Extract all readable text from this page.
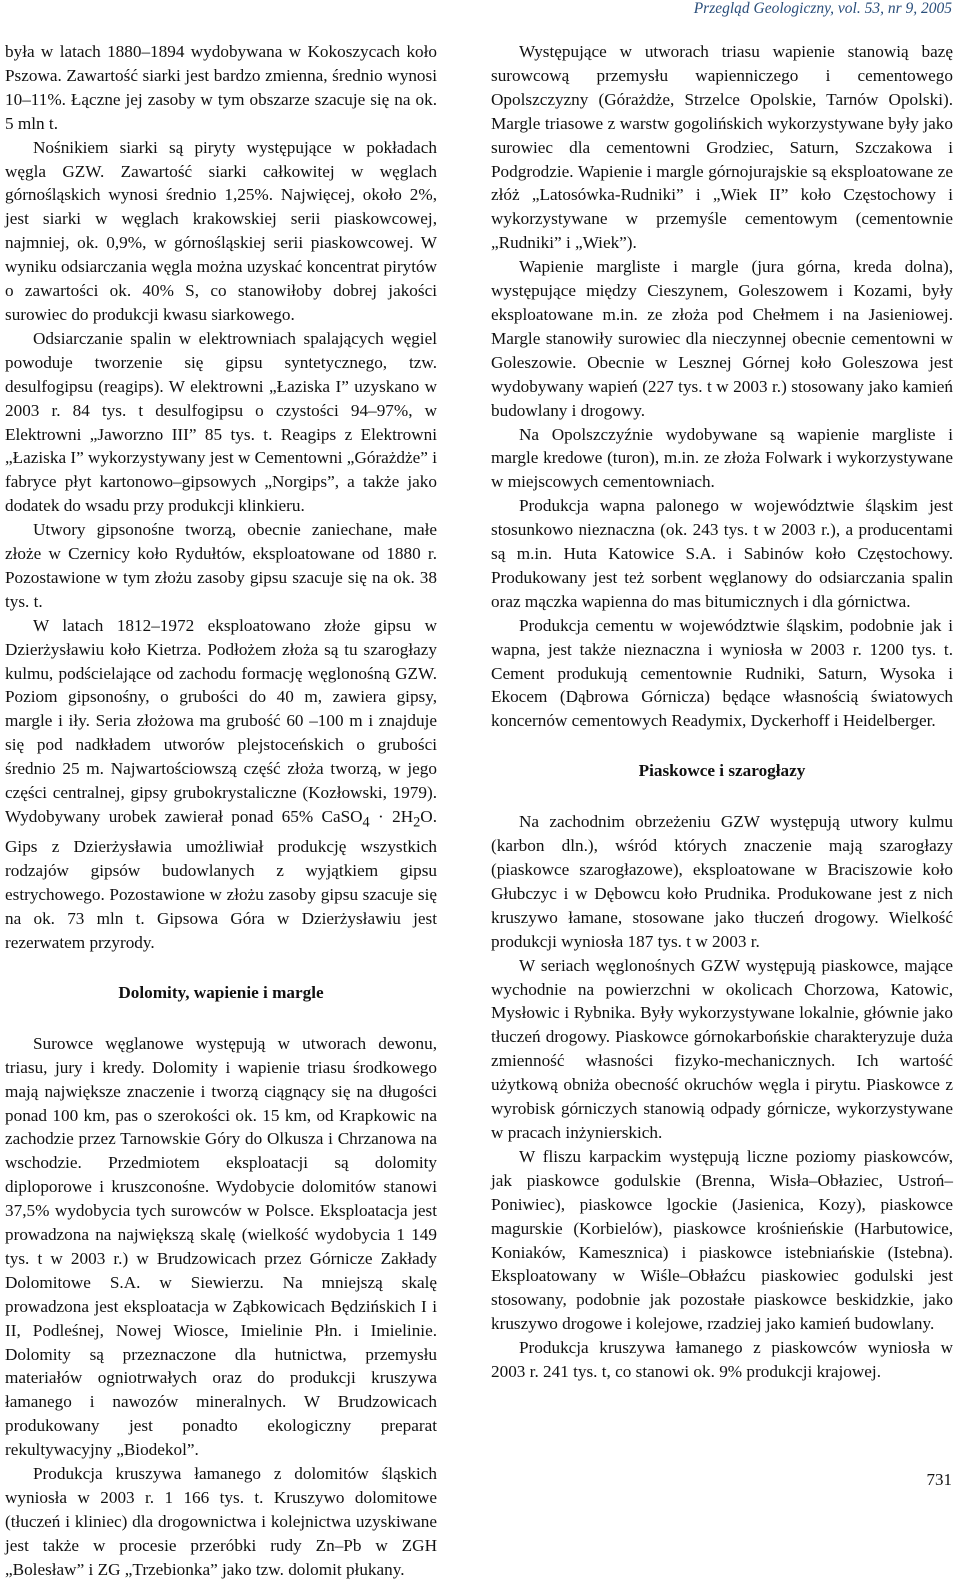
Przegląd Geologiczny, vol. 53, nr 9, 2005

była w latach 1880–1894 wydobywana w Kokoszycach koło Pszowa. Zawartość siarki jest bardzo zmienna, średnio wynosi 10–11%. Łączne jej zasoby w tym obszarze szacuje się na ok. 5 mln t.

Nośnikiem siarki są piryty występujące w pokładach węgla GZW. Zawartość siarki całkowitej w węglach górnośląskich wynosi średnio 1,25%. Najwięcej, około 2%, jest siarki w węglach krakowskiej serii piaskowcowej, najmniej, ok. 0,9%, w górnośląskiej serii piaskowcowej. W wyniku odsiarczania węgla można uzyskać koncentrat pirytów o zawartości ok. 40% S, co stanowiłoby dobrej jakości surowiec do produkcji kwasu siarkowego.

Odsiarczanie spalin w elektrowniach spalających węgiel powoduje tworzenie się gipsu syntetycznego, tzw. desulfogipsu (reagips). W elektrowni „Łaziska I” uzyskano w 2003 r. 84 tys. t desulfogipsu o czystości 94–97%, w Elektrowni „Jaworzno III” 85 tys. t. Reagips z Elektrowni „Łaziska I” wykorzystywany jest w Cementowni „Górażdże” i fabryce płyt kartonowo–gipsowych „Norgips”, a także jako dodatek do wsadu przy produkcji klinkieru.

Utwory gipsonośne tworzą, obecnie zaniechane, małe złoże w Czernicy koło Rydułtów, eksploatowane od 1880 r. Pozostawione w tym złożu zasoby gipsu szacuje się na ok. 38 tys. t.

W latach 1812–1972 eksploatowano złoże gipsu w Dzierżysławiu koło Kietrza. Podłożem złoża są tu szarogłazy kulmu, podścielające od zachodu formację węglonośną GZW. Poziom gipsonośny, o grubości do 40 m, zawiera gipsy, margle i iły. Seria złożowa ma grubość 60 –100 m i znajduje się pod nadkładem utworów plejstoceńskich o grubości średnio 25 m. Najwartościowszą część złoża tworzą, w jego części centralnej, gipsy grubokrystaliczne (Kozłowski, 1979). Wydobywany urobek zawierał ponad 65% CaSO$_4$ · $2H_2O$. Gips z Dzierżysławia umożliwiał produkcję wszystkich rodzajów gipsów budowlanych z wyjątkiem gipsu estrychowego. Pozostawione w złożu zasoby gipsu szacuje się na ok. 73 mln t. Gipsowa Góra w Dzierżysławiu jest rezerwatem przyrody.

Dolomity, wapienie i margle

Surowce węglanowe występują w utworach dewonu, triasu, jury i kredy. Dolomity i wapienie triasu środkowego mają największe znaczenie i tworzą ciągnący się na długości ponad 100 km, pas o szerokości ok. 15 km, od Krapkowic na zachodzie przez Tarnowskie Góry do Olkusza i Chrzanowa na wschodzie. Przedmiotem eksploatacji są dolomity diploporowe i kruszconośne. Wydobycie dolomitów stanowi 37,5% wydobycia tych surowców w Polsce. Eksploatacja jest prowadzona na największą skalę (wielkość wydobycia 1 149 tys. t w 2003 r.) w Brudzowicach przez Górnicze Zakłady Dolomitowe S.A. w Siewierzu. Na mniejszą skalę prowadzona jest eksploatacja w Ząbkowicach Będzińskich I i II, Podleśnej, Nowej Wiosce, Imielinie Płn. i Imielinie. Dolomity są przeznaczone dla hutnictwa, przemysłu materiałów ogniotrwałych oraz do produkcji kruszywa łamanego i nawozów mineralnych. W Brudzowicach produkowany jest ponadto ekologiczny preparat rekultywacyjny „Biodekol”.

Produkcja kruszywa łamanego z dolomitów śląskich wyniosła w 2003 r. 1 166 tys. t. Kruszywo dolomitowe (tłuczeń i kliniec) dla drogownictwa i kolejnictwa uzyskiwane jest także w procesie przeróbki rudy Zn–Pb w ZGH „Bolesław” i ZG „Trzebionka” jako tzw. dolomit płukany.

Występujące w utworach triasu wapienie stanowią bazę surowcową przemysłu wapienniczego i cementowego Opolszczyzny (Górażdże, Strzelce Opolskie, Tarnów Opolski). Margle triasowe z warstw gogolińskich wykorzystywane były jako surowiec dla cementowni Grodziec, Saturn, Szczakowa i Podgrodzie. Wapienie i margle górnojurajskie są eksploatowane ze złóż „Latosówka-Rudniki” i „Wiek II” koło Częstochowy i wykorzystywane w przemyśle cementowym (cementownie „Rudniki” i „Wiek”).

Wapienie margliste i margle (jura górna, kreda dolna), występujące między Cieszynem, Goleszowem i Kozami, były eksploatowane m.in. ze złoża pod Chełmem i na Jasieniowej. Margle stanowiły surowiec dla nieczynnej obecnie cementowni w Goleszowie. Obecnie w Lesznej Górnej koło Goleszowa jest wydobywany wapień (227 tys. t w 2003 r.) stosowany jako kamień budowlany i drogowy.

Na Opolszczyźnie wydobywane są wapienie margliste i margle kredowe (turon), m.in. ze złoża Folwark i wykorzystywane w miejscowych cementowniach.

Produkcja wapna palonego w województwie śląskim jest stosunkowo nieznaczna (ok. 243 tys. t w 2003 r.), a producentami są m.in. Huta Katowice S.A. i Sabinów koło Częstochowy. Produkowany jest też sorbent węglanowy do odsiarczania spalin oraz mączka wapienna do mas bitumicznych i dla górnictwa.

Produkcja cementu w województwie śląskim, podobnie jak i wapna, jest także nieznaczna i wyniosła w 2003 r. 1200 tys. t. Cement produkują cementownie Rudniki, Saturn, Wysoka i Ekocem (Dąbrowa Górnicza) będące własnością światowych koncernów cementowych Readymix, Dyckerhoff i Heidelberger.

Piaskowce i szarogłazy

Na zachodnim obrzeżeniu GZW występują utwory kulmu (karbon dln.), wśród których znaczenie mają szarogłazy (piaskowce szarogłazowe), eksploatowane w Braciszowie koło Głubczyc i w Dębowcu koło Prudnika. Produkowane jest z nich kruszywo łamane, stosowane jako tłuczeń drogowy. Wielkość produkcji wyniosła 187 tys. t w 2003 r.

W seriach węglonośnych GZW występują piaskowce, mające wychodnie na powierzchni w okolicach Chorzowa, Katowic, Mysłowic i Rybnika. Były wykorzystywane lokalnie, głównie jako tłuczeń drogowy. Piaskowce górnokarbońskie charakteryzuje duża zmienność własności fizyko-mechanicznych. Ich wartość użytkową obniża obecność okruchów węgla i pirytu. Piaskowce z wyrobisk górniczych stanowią odpady górnicze, wykorzystywane w pracach inżynierskich.

W fliszu karpackim występują liczne poziomy piaskowców, jak piaskowce godulskie (Brenna, Wisła–Obłaziec, Ustroń–Poniwiec), piaskowce lgockie (Jasienica, Kozy), piaskowce magurskie (Korbielów), piaskowce krośnieńskie (Harbutowice, Koniaków, Kamesznica) i piaskowce istebniańskie (Istebna). Eksploatowany w Wiśle–Obłaźcu piaskowiec godulski jest stosowany, podobnie jak pozostałe piaskowce beskidzkie, jako kruszywo drogowe i kolejowe, rzadziej jako kamień budowlany.

Produkcja kruszywa łamanego z piaskowców wyniosła w 2003 r. 241 tys. t, co stanowi ok. 9% produkcji krajowej.

731
